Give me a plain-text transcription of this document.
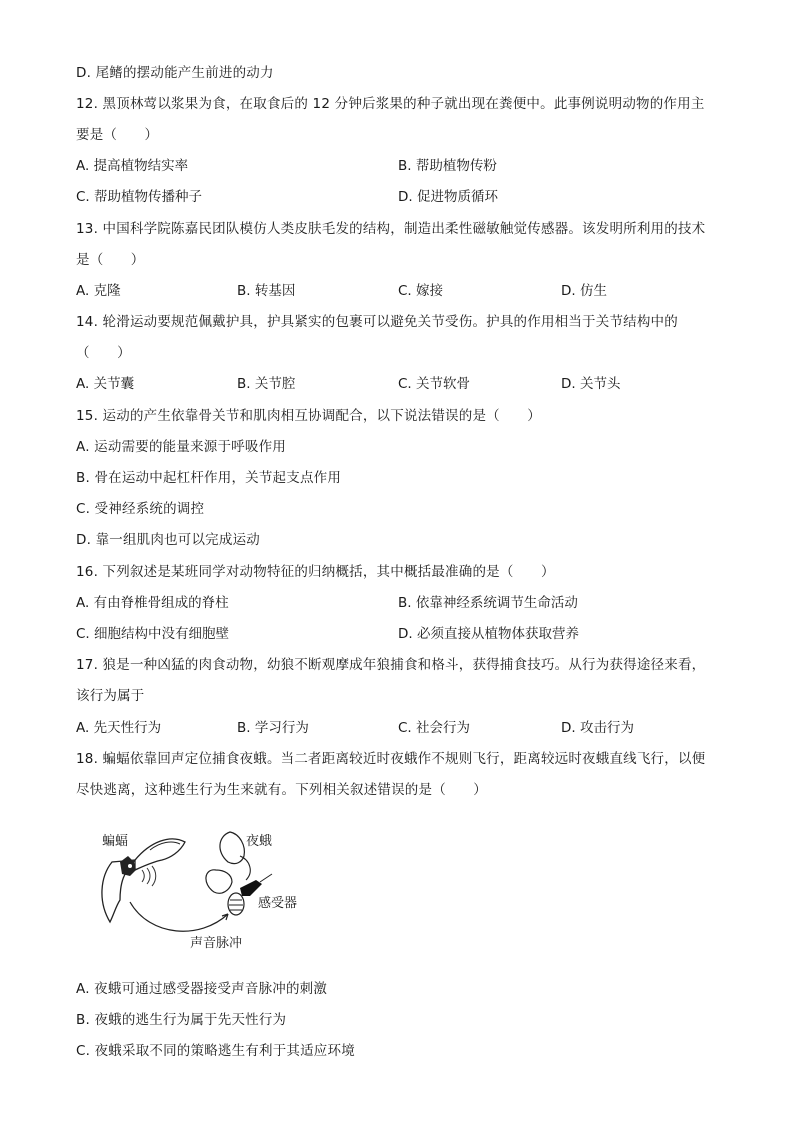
D. 尾鳍的摆动能产生前进的动力
12. 黑顶林莺以浆果为食，在取食后的 12 分钟后浆果的种子就出现在粪便中。此事例说明动物的作用主
要是（　　）
A. 提高植物结实率	B. 帮助植物传粉
C. 帮助植物传播种子	D. 促进物质循环
13. 中国科学院陈嘉民团队模仿人类皮肤毛发的结构，制造出柔性磁敏触觉传感器。该发明所利用的技术
是（　　）
A. 克隆	B. 转基因	C. 嫁接	D. 仿生
14. 轮滑运动要规范佩戴护具，护具紧实的包裹可以避免关节受伤。护具的作用相当于关节结构中的
（　　）
A. 关节囊	B. 关节腔	C. 关节软骨	D. 关节头
15. 运动的产生依靠骨关节和肌肉相互协调配合，以下说法错误的是（　　）
A. 运动需要的能量来源于呼吸作用
B. 骨在运动中起杠杆作用，关节起支点作用
C. 受神经系统的调控
D. 靠一组肌肉也可以完成运动
16. 下列叙述是某班同学对动物特征的归纳概括，其中概括最准确的是（　　）
A. 有由脊椎骨组成的脊柱	B. 依靠神经系统调节生命活动
C. 细胞结构中没有细胞壁	D. 必须直接从植物体获取营养
17. 狼是一种凶猛的肉食动物，幼狼不断观摩成年狼捕食和格斗，获得捕食技巧。从行为获得途径来看，
该行为属于
A. 先天性行为	B. 学习行为	C. 社会行为	D. 攻击行为
18. 蝙蝠依靠回声定位捕食夜蛾。当二者距离较近时夜蛾作不规则飞行，距离较远时夜蛾直线飞行，以便
尽快逃离，这种逃生行为生来就有。下列相关叙述错误的是（　　）
蝙蝠	夜蛾
感受器
声音脉冲
A. 夜蛾可通过感受器接受声音脉冲的刺激
B. 夜蛾的逃生行为属于先天性行为
C. 夜蛾采取不同的策略逃生有利于其适应环境
